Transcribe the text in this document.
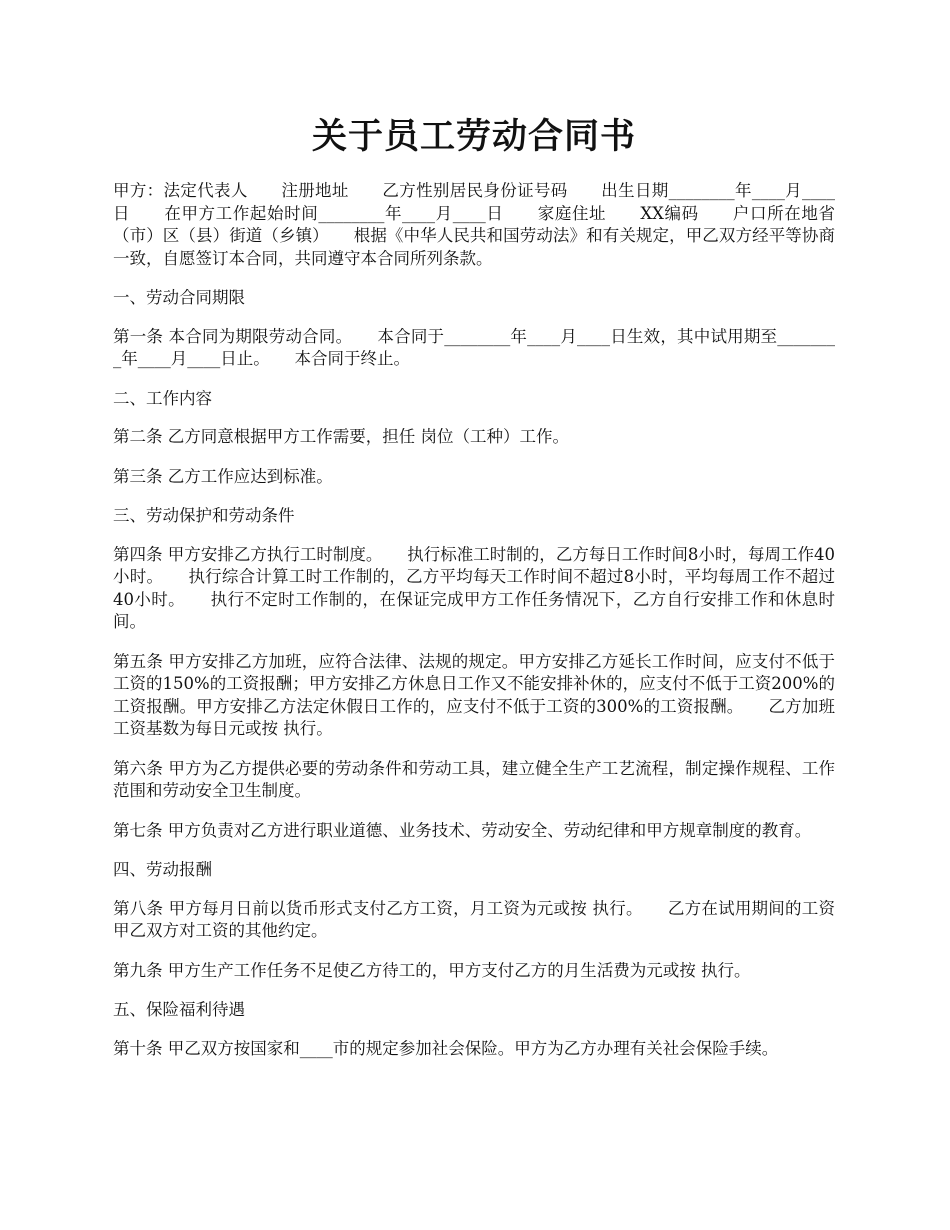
关于员工劳动合同书

甲方：法定代表人　　注册地址　　乙方性别居民身份证号码　　出生日期________年____月____日　　在甲方工作起始时间________年____月____日　　家庭住址　　XX编码　　户口所在地省（市）区（县）街道（乡镇）　　根据《中华人民共和国劳动法》和有关规定，甲乙双方经平等协商一致，自愿签订本合同，共同遵守本合同所列条款。

一、劳动合同期限

第一条 本合同为期限劳动合同。　　本合同于________年____月____日生效，其中试用期至________年____月____日止。　　本合同于终止。

二、工作内容

第二条 乙方同意根据甲方工作需要，担任 岗位（工种）工作。

第三条 乙方工作应达到标准。

三、劳动保护和劳动条件

第四条 甲方安排乙方执行工时制度。　　执行标准工时制的，乙方每日工作时间8小时，每周工作40小时。　　执行综合计算工时工作制的，乙方平均每天工作时间不超过8小时，平均每周工作不超过40小时。　　执行不定时工作制的，在保证完成甲方工作任务情况下，乙方自行安排工作和休息时间。

第五条 甲方安排乙方加班，应符合法律、法规的规定。甲方安排乙方延长工作时间，应支付不低于工资的150%的工资报酬；甲方安排乙方休息日工作又不能安排补休的，应支付不低于工资200%的工资报酬。甲方安排乙方法定休假日工作的，应支付不低于工资的300%的工资报酬。　　乙方加班工资基数为每日元或按 执行。

第六条 甲方为乙方提供必要的劳动条件和劳动工具，建立健全生产工艺流程，制定操作规程、工作范围和劳动安全卫生制度。

第七条 甲方负责对乙方进行职业道德、业务技术、劳动安全、劳动纪律和甲方规章制度的教育。

四、劳动报酬

第八条 甲方每月日前以货币形式支付乙方工资，月工资为元或按 执行。　　乙方在试用期间的工资　　甲乙双方对工资的其他约定。

第九条 甲方生产工作任务不足使乙方待工的，甲方支付乙方的月生活费为元或按 执行。

五、保险福利待遇

第十条 甲乙双方按国家和____市的规定参加社会保险。甲方为乙方办理有关社会保险手续。
